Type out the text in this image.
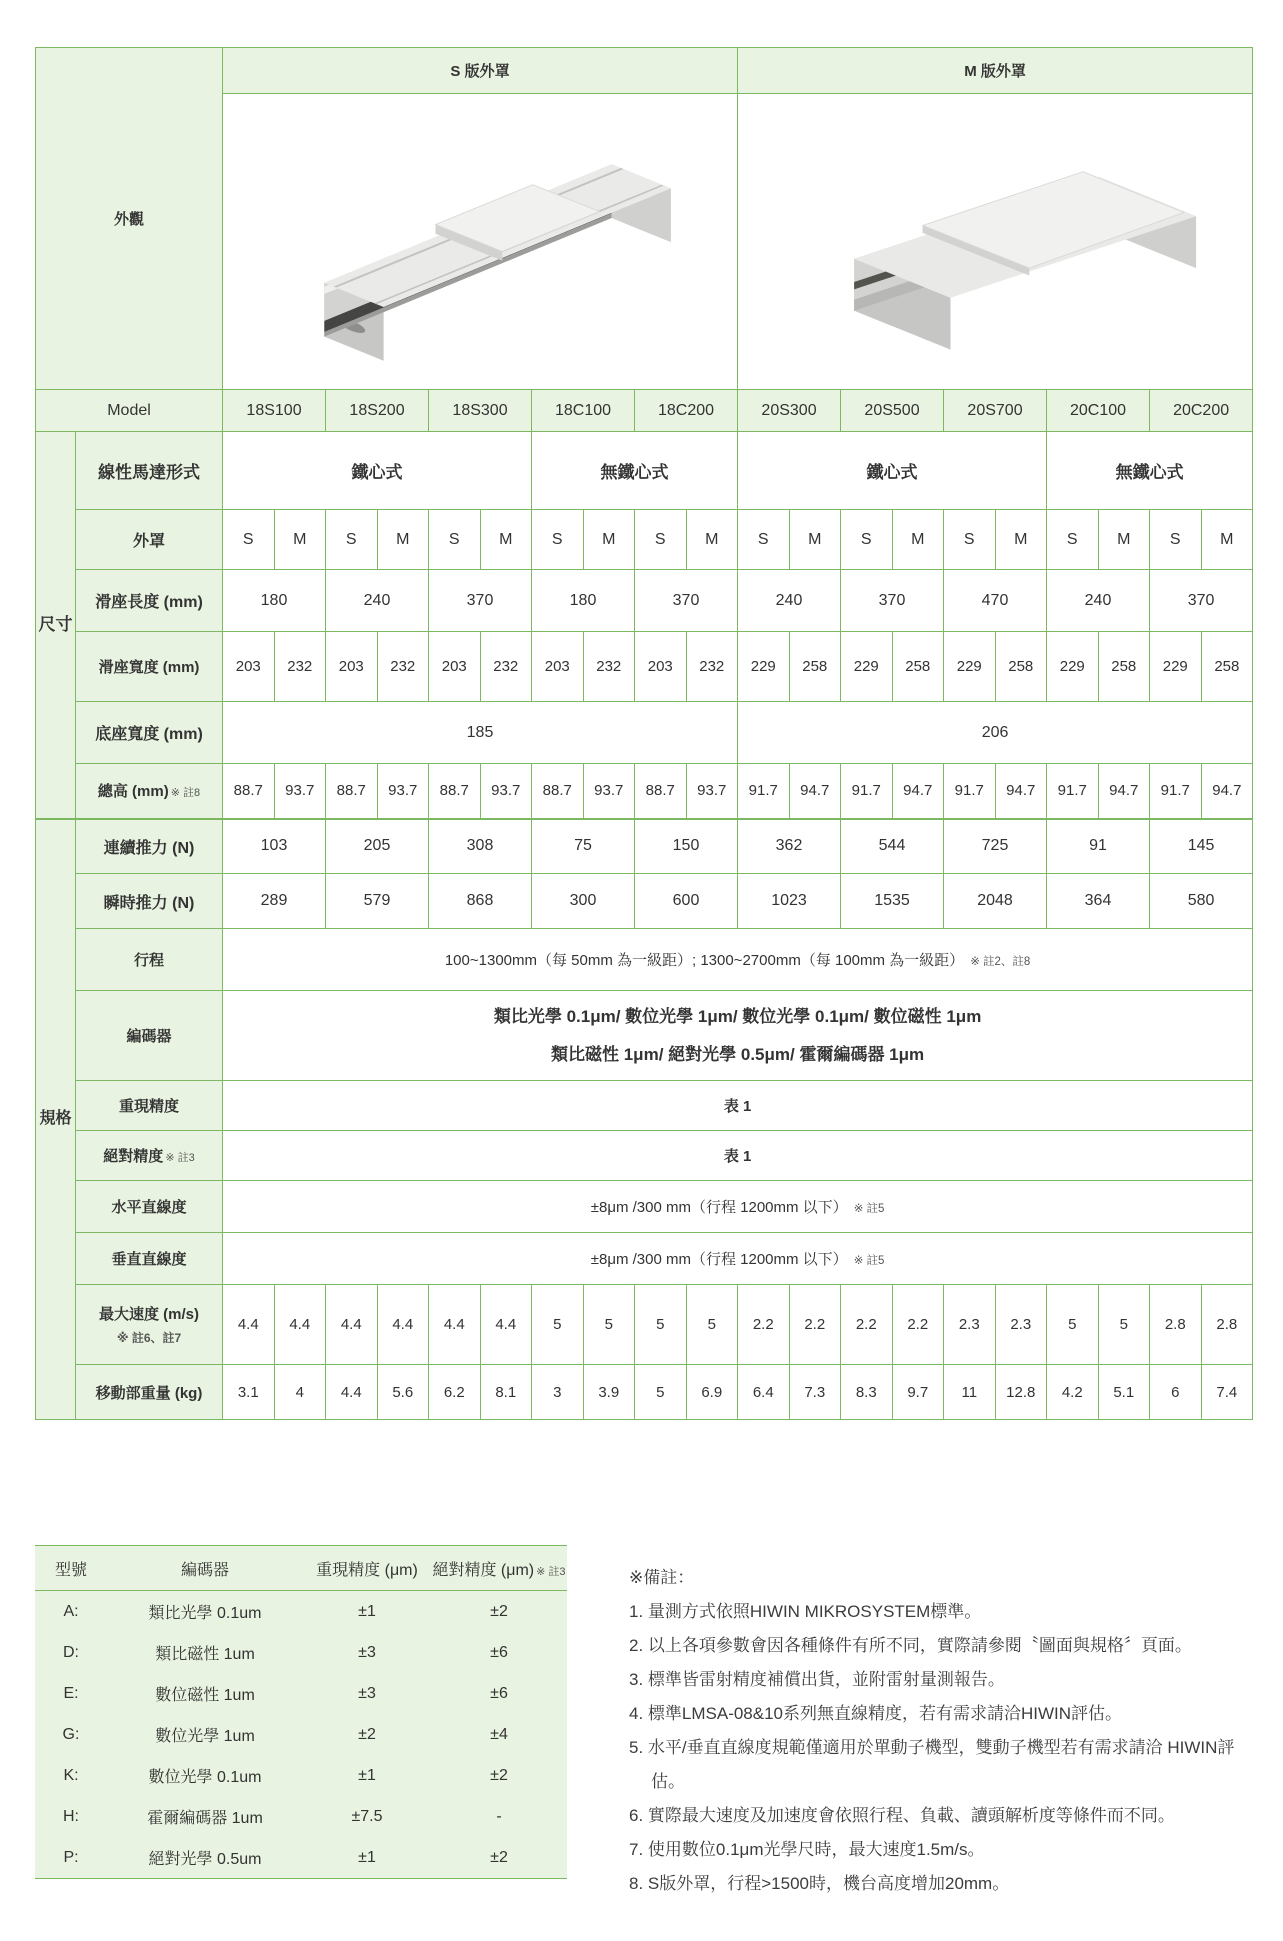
外觀		S 版外罩										M 版外罩									

Model		18S100		18S200		18S300		18C100		18C200		20S300		20S500		20S700		20C100		20C200	
尺寸	線性馬達形式	鐵心式						無鐵心式				鐵心式						無鐵心式			
	外罩	S	M	S	M	S	M	S	M	S	M	S	M	S	M	S	M	S	M	S	M
	滑座長度 (mm)	180		240		370		180		370		240		370		470		240		370	
	滑座寬度 (mm)	203	232	203	232	203	232	203	232	203	232	229	258	229	258	229	258	229	258	229	258
	底座寬度 (mm)	185										206									
	總高 (mm) ※ 註8	88.7	93.7	88.7	93.7	88.7	93.7	88.7	93.7	88.7	93.7	91.7	94.7	91.7	94.7	91.7	94.7	91.7	94.7	91.7	94.7
規格	連續推力 (N)	103		205		308		75		150		362		544		725		91		145	
	瞬時推力 (N)	289		579		868		300		600		1023		1535		2048		364		580	
	行程	100~1300mm（每 50mm 為一級距）; 1300~2700mm（每 100mm 為一級距） ※ 註2、註8																			
	編碼器	類比光學 0.1μm/ 數位光學 1μm/ 數位光學 0.1μm/ 數位磁性 1μm
類比磁性 1μm/ 絕對光學 0.5μm/ 霍爾編碼器 1μm																			

	重現精度	表 1																			
	絕對精度 ※ 註3	表 1																			
	水平直線度	±8μm /300 mm（行程 1200mm 以下） ※ 註5																			
	垂直直線度	±8μm /300 mm（行程 1200mm 以下） ※ 註5																			

	最大速度 (m/s)
※ 註6、註7	4.4	4.4	4.4	4.4	4.4	4.4	5	5	5	5	2.2	2.2	2.2	2.2	2.3	2.3	5	5	2.8	2.8
	移動部重量 (kg)	3.1	4	4.4	5.6	6.2	8.1	3	3.9	5	6.9	6.4	7.3	8.3	9.7	11	12.8	4.2	5.1	6	7.4
型號	編碼器	重現精度 (μm)	絕對精度 (μm) ※ 註3
A:	類比光學 0.1um	±1	±2
D:	類比磁性 1um	±3	±6
E:	數位磁性 1um	±3	±6
G:	數位光學 1um	±2	±4
K:	數位光學 0.1um	±1	±2
H:	霍爾編碼器 1um	±7.5	-
P:	絕對光學 0.5um	±1	±2
※備註：
1. 量測方式依照HIWIN MIKROSYSTEM標準。
2. 以上各項參數會因各種條件有所不同，實際請參閱〝圖面與規格〞頁面。
3. 標準皆雷射精度補償出貨，並附雷射量測報告。
4. 標準LMSA-08&10系列無直線精度，若有需求請洽HIWIN評估。
5. 水平/垂直直線度規範僅適用於單動子機型，雙動子機型若有需求請洽 HIWIN評估。
6. 實際最大速度及加速度會依照行程、負載、讀頭解析度等條件而不同。
7. 使用數位0.1μm光學尺時，最大速度1.5m/s。
8. S版外罩，行程>1500時，機台高度增加20mm。
